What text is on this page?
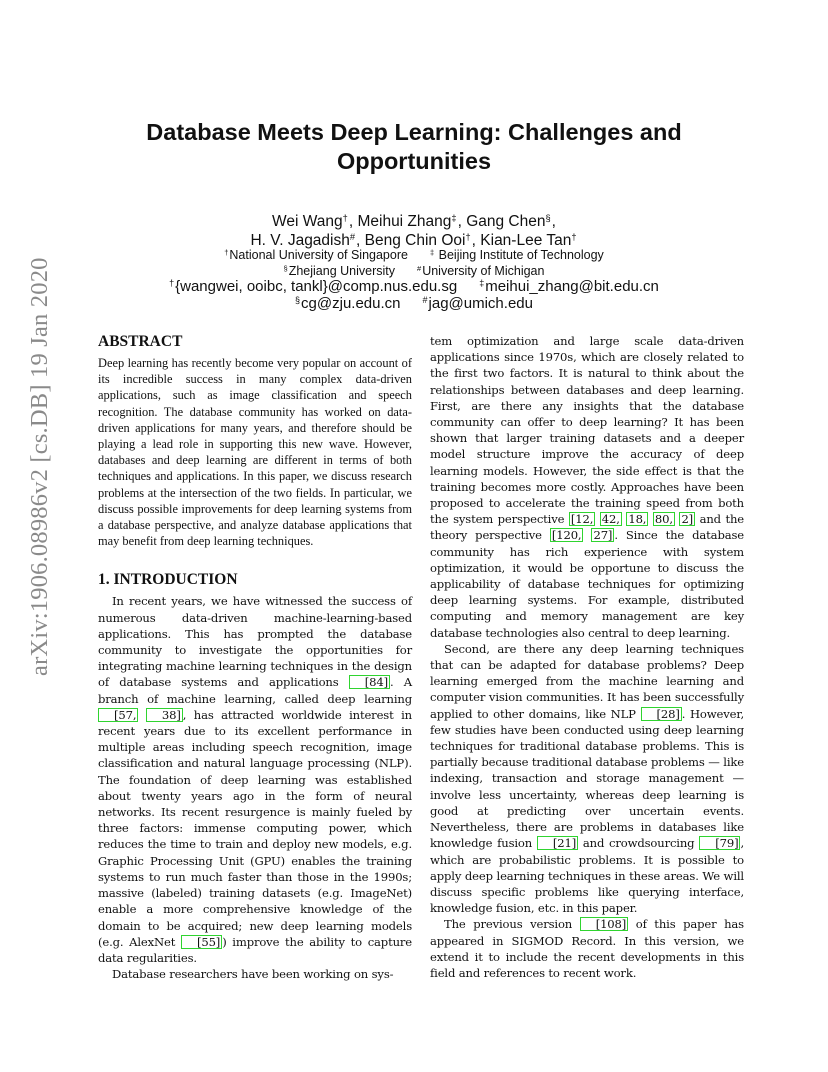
arXiv:1906.08986v2 [cs.DB] 19 Jan 2020
Database Meets Deep Learning: Challenges and
Opportunities
Wei Wang†, Meihui Zhang‡, Gang Chen§,
H. V. Jagadish#, Beng Chin Ooi†, Kian-Lee Tan†
†National University of Singapore	‡ Beijing Institute of Technology
§Zhejiang University	#University of Michigan
†{wangwei, ooibc, tankl}@comp.nus.edu.sg ‡meihui_zhang@bit.edu.cn
§cg@zju.edu.cn #jag@umich.edu
ABSTRACT

Deep learning has recently become very popular on account of its incredible success in many complex data-driven applications, such as image classification and speech recognition. The database community has worked on data-driven applications for many years, and therefore should be playing a lead role in supporting this new wave. However, databases and deep learning are different in terms of both techniques and applications. In this paper, we discuss research problems at the intersection of the two fields. In particular, we discuss possible improvements for deep learning systems from a database perspective, and analyze database applications that may benefit from deep learning techniques.

1. INTRODUCTION

In recent years, we have witnessed the success of numerous data-driven machine-learning-based applications. This has prompted the database community to investigate the opportunities for integrating machine learning techniques in the design of database systems and applications [84] . A branch of machine learning, called deep learning [57, 38] , has attracted worldwide interest in recent years due to its excellent performance in multiple areas including speech recognition, image classification and natural language processing (NLP). The foundation of deep learning was established about twenty years ago in the form of neural networks. Its recent resurgence is mainly fueled by three factors: immense computing power, which reduces the time to train and deploy new models, e.g. Graphic Processing Unit (GPU) enables the training systems to run much faster than those in the 1990s; massive (labeled) training datasets (e.g. ImageNet) enable a more comprehensive knowledge of the domain to be acquired; new deep learning models (e.g. AlexNet [55] ) improve the ability to capture data regularities.

Database researchers have been working on sys-

tem optimization and large scale data-driven applications since 1970s, which are closely related to the first two factors. It is natural to think about the relationships between databases and deep learning. First, are there any insights that the database community can offer to deep learning? It has been shown that larger training datasets and a deeper model structure improve the accuracy of deep learning models. However, the side effect is that the training becomes more costly. Approaches have been proposed to accelerate the training speed from both the system perspective [12, 42, 18, 80, 2] and the theory perspective [120, 27] . Since the database community has rich experience with system optimization, it would be opportune to discuss the applicability of database techniques for optimizing deep learning systems. For example, distributed computing and memory management are key database technologies also central to deep learning.

Second, are there any deep learning techniques that can be adapted for database problems? Deep learning emerged from the machine learning and computer vision communities. It has been successfully applied to other domains, like NLP [28] . However, few studies have been conducted using deep learning techniques for traditional database problems. This is partially because traditional database problems — like indexing, transaction and storage management — involve less uncertainty, whereas deep learning is good at predicting over uncertain events. Nevertheless, there are problems in databases like knowledge fusion [21] and crowdsourcing [79] , which are probabilistic problems. It is possible to apply deep learning techniques in these areas. We will discuss specific problems like querying interface, knowledge fusion, etc. in this paper.

The previous version [108] of this paper has appeared in SIGMOD Record. In this version, we extend it to include the recent developments in this field and references to recent work.
